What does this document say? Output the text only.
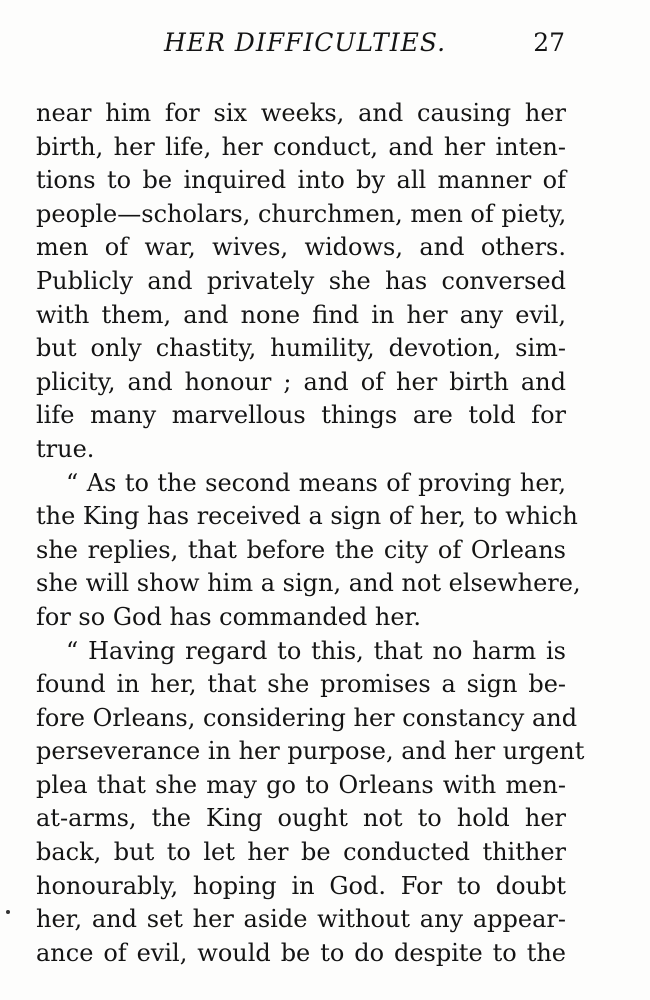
HER DIFFICULTIES.	27
near him for six weeks, and causing her
birth, her life, her conduct, and her inten-
tions to be inquired into by all manner of
people—scholars, churchmen, men of piety,
men of war, wives, widows, and others.
Publicly and privately she has conversed
with them, and none find in her any evil,
but only chastity, humility, devotion, sim-
plicity, and honour ; and of her birth and
life many marvellous things are told for
true.
“ As to the second means of proving her,
the King has received a sign of her, to which
she replies, that before the city of Orleans
she will show him a sign, and not elsewhere,
for so God has commanded her.
“ Having regard to this, that no harm is
found in her, that she promises a sign be-
fore Orleans, considering her constancy and
perseverance in her purpose, and her urgent
plea that she may go to Orleans with men-
at-arms, the King ought not to hold her
back, but to let her be conducted thither
honourably, hoping in God. For to doubt
her, and set her aside without any appear-
ance of evil, would be to do despite to the
